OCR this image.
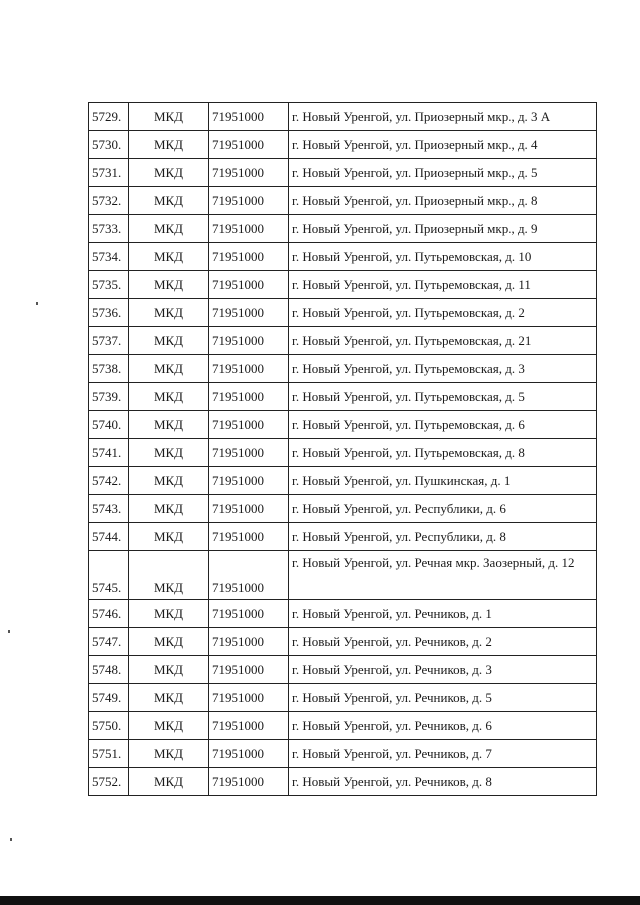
5729.	МКД	71951000	г. Новый Уренгой, ул. Приозерный мкр., д. 3 А
5730.	МКД	71951000	г. Новый Уренгой, ул. Приозерный мкр., д. 4
5731.	МКД	71951000	г. Новый Уренгой, ул. Приозерный мкр., д. 5
5732.	МКД	71951000	г. Новый Уренгой, ул. Приозерный мкр., д. 8
5733.	МКД	71951000	г. Новый Уренгой, ул. Приозерный мкр., д. 9
5734.	МКД	71951000	г. Новый Уренгой, ул. Путьремовская, д. 10
5735.	МКД	71951000	г. Новый Уренгой, ул. Путьремовская, д. 11
5736.	МКД	71951000	г. Новый Уренгой, ул. Путьремовская, д. 2
5737.	МКД	71951000	г. Новый Уренгой, ул. Путьремовская, д. 21
5738.	МКД	71951000	г. Новый Уренгой, ул. Путьремовская, д. 3
5739.	МКД	71951000	г. Новый Уренгой, ул. Путьремовская, д. 5
5740.	МКД	71951000	г. Новый Уренгой, ул. Путьремовская, д. 6
5741.	МКД	71951000	г. Новый Уренгой, ул. Путьремовская, д. 8
5742.	МКД	71951000	г. Новый Уренгой, ул. Пушкинская, д. 1
5743.	МКД	71951000	г. Новый Уренгой, ул. Республики, д. 6
5744.	МКД	71951000	г. Новый Уренгой, ул. Республики, д. 8
5745.	МКД	71951000	г. Новый Уренгой, ул. Речная мкр. Заозерный, д. 12
5746.	МКД	71951000	г. Новый Уренгой, ул. Речников, д. 1
5747.	МКД	71951000	г. Новый Уренгой, ул. Речников, д. 2
5748.	МКД	71951000	г. Новый Уренгой, ул. Речников, д. 3
5749.	МКД	71951000	г. Новый Уренгой, ул. Речников, д. 5
5750.	МКД	71951000	г. Новый Уренгой, ул. Речников, д. 6
5751.	МКД	71951000	г. Новый Уренгой, ул. Речников, д. 7
5752.	МКД	71951000	г. Новый Уренгой, ул. Речников, д. 8
